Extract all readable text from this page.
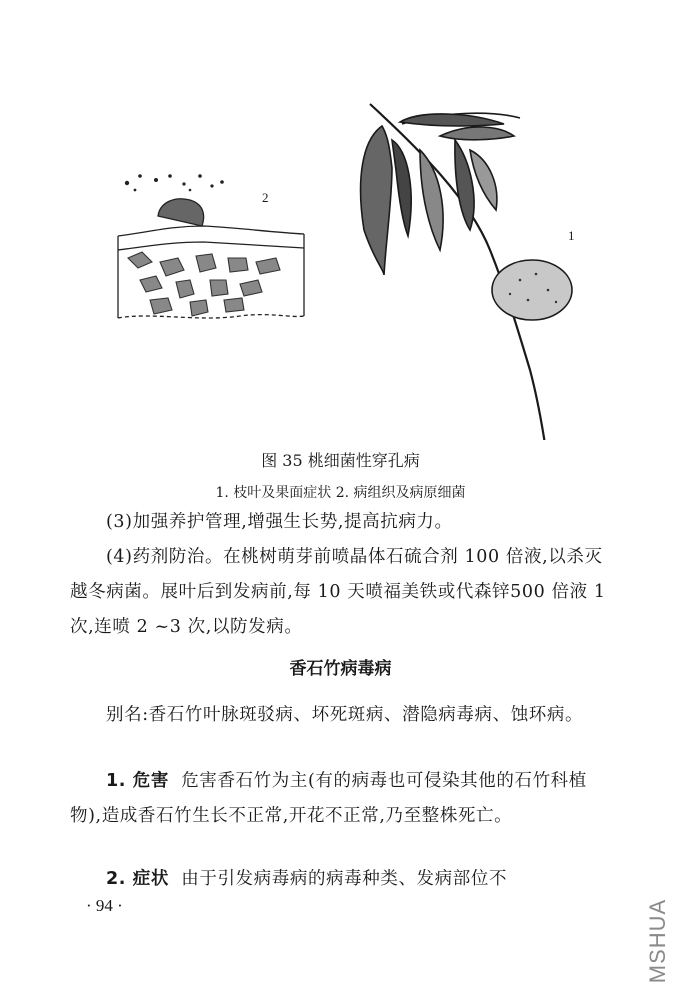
2
1
图 35 桃细菌性穿孔病
1. 枝叶及果面症状 2. 病组织及病原细菌

(3)加强养护管理,增强生长势,提高抗病力。

(4)药剂防治。在桃树萌芽前喷晶体石硫合剂 100 倍液,以杀灭越冬病菌。展叶后到发病前,每 10 天喷福美铁或代森锌500 倍液 1 次,连喷 2 ~3 次,以防发病。

香石竹病毒病

别名:香石竹叶脉斑驳病、坏死斑病、潜隐病毒病、蚀环病。

1. 危害 危害香石竹为主(有的病毒也可侵染其他的石竹科植物),造成香石竹生长不正常,开花不正常,乃至整株死亡。

2. 症状 由于引发病毒病的病毒种类、发病部位不

· 94 ·	MSHUA
